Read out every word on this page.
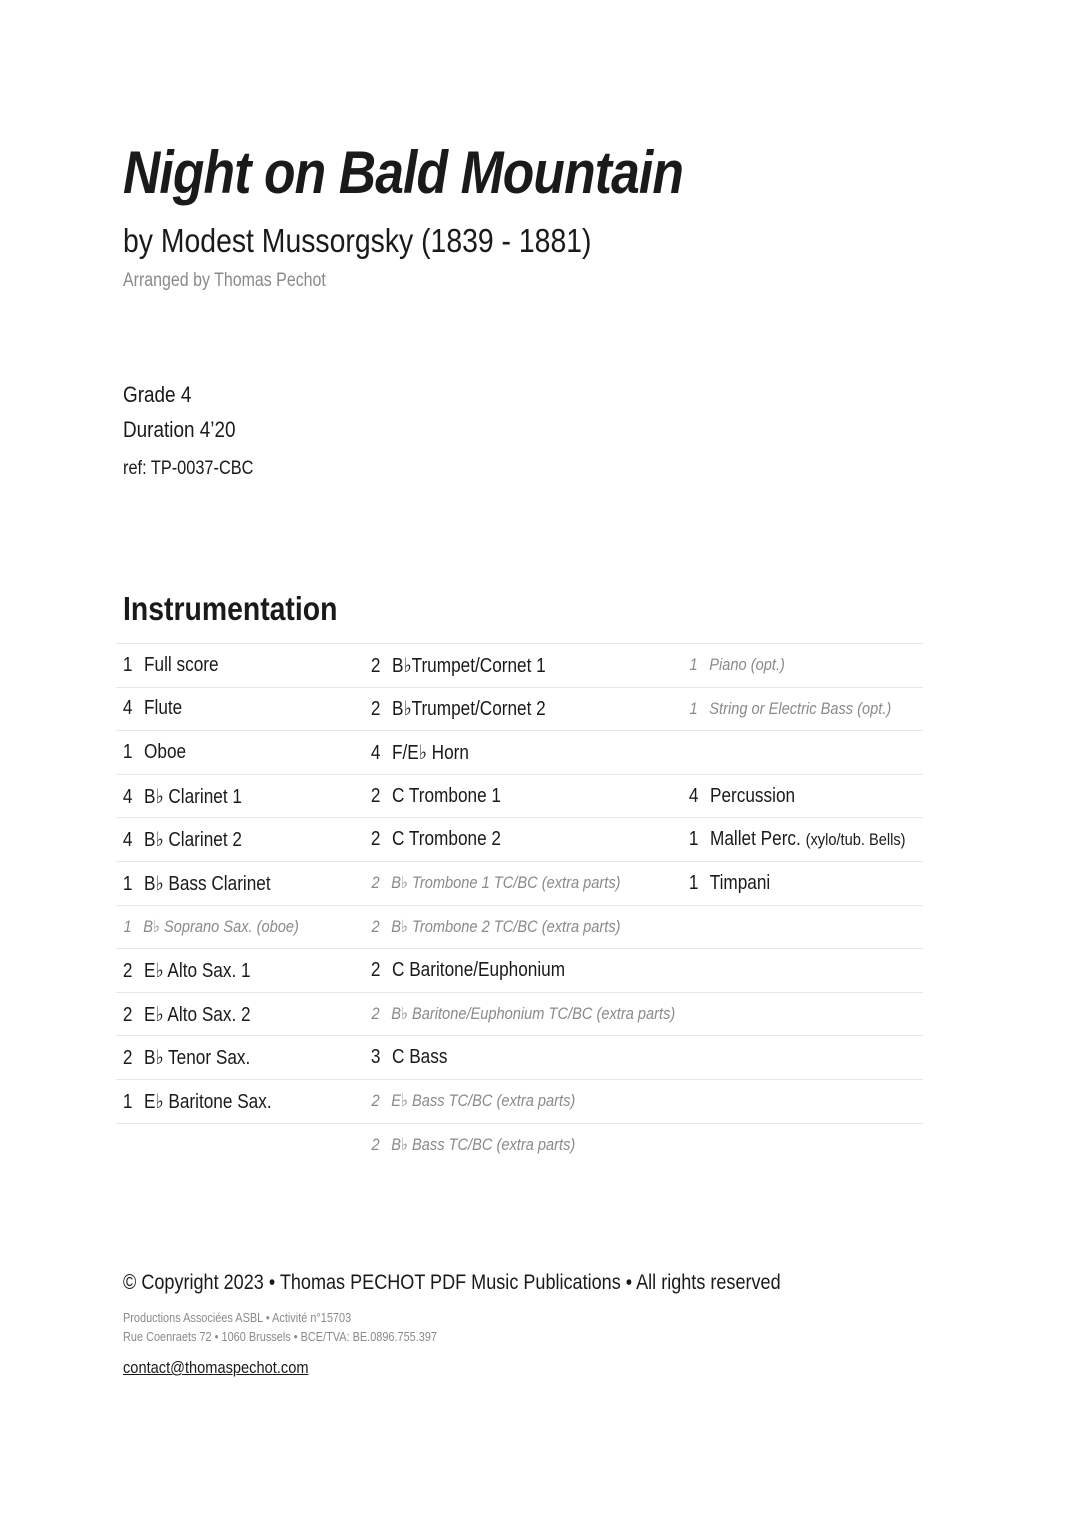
Night on Bald Mountain
by Modest Mussorgsky (1839 - 1881)
Arranged by Thomas Pechot
Grade 4
Duration 4’20
ref: TP-0037-CBC
Instrumentation
1 Full score	2 B♭Trumpet/Cornet 1	1 Piano (opt.)
4 Flute	2 B♭Trumpet/Cornet 2	1 String or Electric Bass (opt.)
1 Oboe	4 F/E♭ Horn	
4 B♭ Clarinet 1	2 C Trombone 1	4 Percussion
4 B♭ Clarinet 2	2 C Trombone 2	1 Mallet Perc. (xylo/tub. Bells)
1 B♭ Bass Clarinet	2 B♭ Trombone 1 TC/BC (extra parts)	1 Timpani
1 B♭ Soprano Sax. (oboe)	2 B♭ Trombone 2 TC/BC (extra parts)	
2 E♭ Alto Sax. 1	2 C Baritone/Euphonium	
2 E♭ Alto Sax. 2	2 B♭ Baritone/Euphonium TC/BC (extra parts)	
2 B♭ Tenor Sax.	3 C Bass	
1 E♭ Baritone Sax.	2 E♭ Bass TC/BC (extra parts)	
	2 B♭ Bass TC/BC (extra parts)	
© Copyright 2023 • Thomas PECHOT PDF Music Publications • All rights reserved
Productions Associées ASBL • Activité n°15703
Rue Coenraets 72 • 1060 Brussels • BCE/TVA: BE.0896.755.397
contact@thomaspechot.com
